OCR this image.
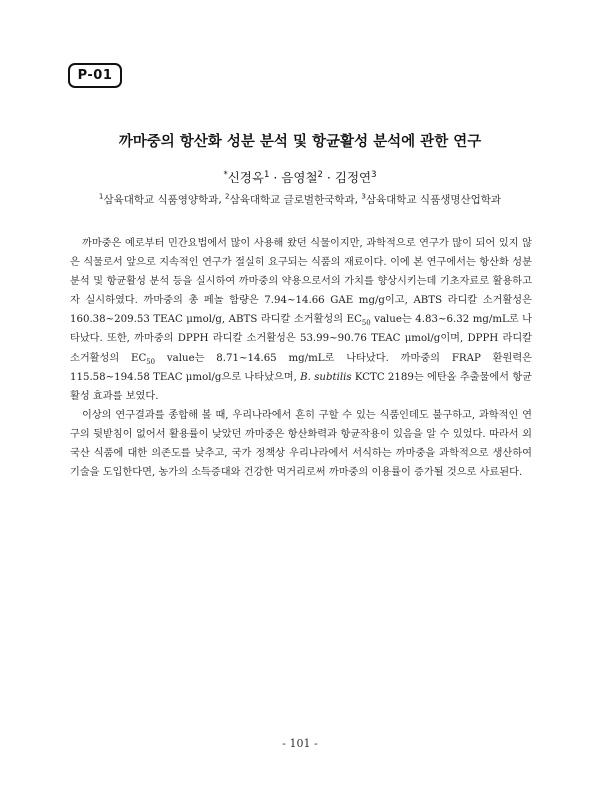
P-01
까마중의 항산화 성분 분석 및 항균활성 분석에 관한 연구
*신경옥$^1$ · 음영철$^2$ · 김정연$^3$
$^1$삼육대학교 식품영양학과, $^2$삼육대학교 글로벌한국학과, $^3$삼육대학교 식품생명산업학과

까마중은 예로부터 민간요법에서 많이 사용해 왔던 식물이지만, 과학적으로 연구가 많이 되어 있지 않은 식물로서 앞으로 지속적인 연구가 절실히 요구되는 식품의 재료이다. 이에 본 연구에서는 항산화 성분 분석 및 항균활성 분석 등을 실시하여 까마중의 약용으로서의 가치를 향상시키는데 기초자료로 활용하고자 실시하였다. 까마중의 총 페놀 함량은 7.94~14.66 GAE mg/g이고, ABTS 라디칼 소거활성은 160.38~209.53 TEAC μmol/g, ABTS 라디칼 소거활성의 $EC_{50}$ value는 4.83~6.32 mg/mL로 나타났다. 또한, 까마중의 DPPH 라디칼 소거활성은 53.99~90.76 TEAC μmol/g이며, DPPH 라디칼 소거활성의 $EC_{50}$ value는 8.71~14.65 mg/mL로 나타났다. 까마중의 FRAP 환원력은 115.58~194.58 TEAC μmol/g으로 나타났으며, B. subtilis KCTC 2189는 에탄올 추출물에서 항균 활성 효과를 보였다.

이상의 연구결과를 종합해 볼 때, 우리나라에서 흔히 구할 수 있는 식품인데도 불구하고, 과학적인 연구의 뒷받침이 없어서 활용률이 낮았던 까마중은 항산화력과 항균작용이 있음을 알 수 있었다. 따라서 외국산 식품에 대한 의존도를 낮추고, 국가 정책상 우리나라에서 서식하는 까마중을 과학적으로 생산하여 기술을 도입한다면, 농가의 소득증대와 건강한 먹거리로써 까마중의 이용률이 증가될 것으로 사료된다.

- 101 -
